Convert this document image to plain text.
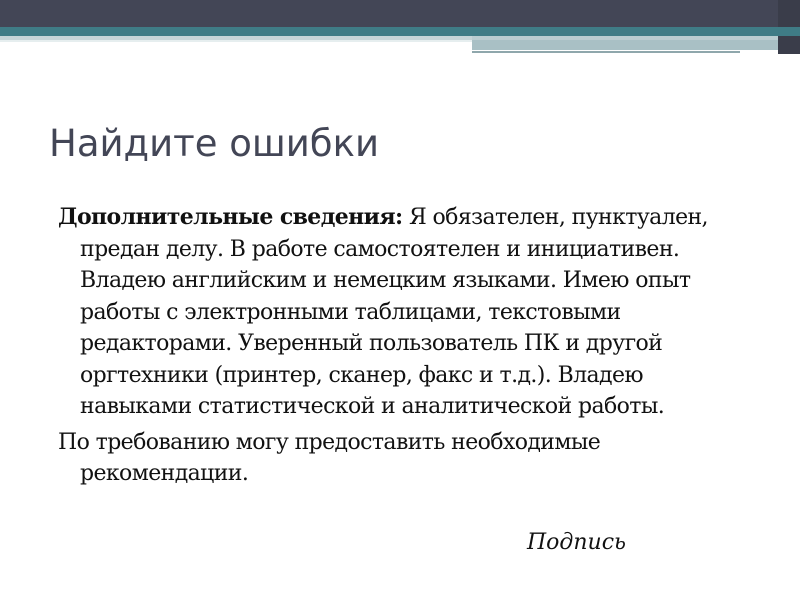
Найдите ошибки

Дополнительные сведения: Я обязателен, пунктуален, предан делу. В работе самостоятелен и инициативен. Владею английским и немецким языками. Имею опыт работы с электронными таблицами, текстовыми редакторами. Уверенный пользователь ПК и другой оргтехники (принтер, сканер, факс и т.д.). Владею навыками статистической и аналитической работы.

По требованию могу предоставить необходимые рекомендации.

Подпись
